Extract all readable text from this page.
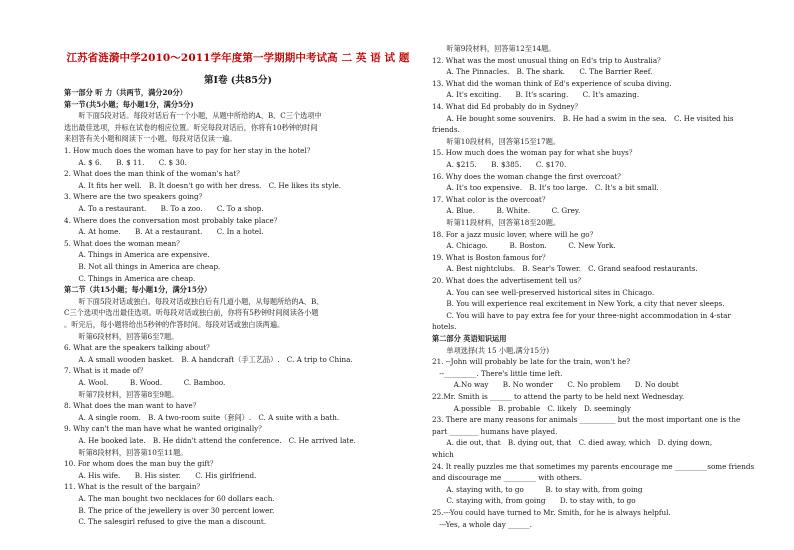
江苏省涟漪中学2010～2011学年度第一学期期中考试高 二 英 语 试 题
第Ⅰ卷 (共85分)
第一部分 听 力（共两节，满分20分）
第一节(共5小题；每小题1分，满分5分)
　　听下面5段对话。每段对话后有一个小题，从题中所给的A、B、C三个选项中
选出最佳选项，并标在试卷的相应位置。听完每段对话后，你将有10秒钟的时间
来回答有关小题和阅读下一小题。每段对话仅读一遍。
1. How much does the woman have to pay for her stay in the hotel？
　　A. $ 6.　　B. $ 11.　　C. $ 30.
2. What does the man think of the woman's hat？
　　A. It fits her well.　B. It doesn't go with her dress.　C. He likes its style.
3. Where are the two speakers going？
　　A. To a restaurant.　　B. To a zoo.　　C. To a shop.
4. Where does the conversation most probably take place？
　　A. At home.　　B. At a restaurant.　　C. In a hotel.
5. What does the woman mean？
　　A. Things in America are expensive.
　　B. Not all things in America are cheap.
　　C. Things in America are cheap.
第二节（共15小题；每小题1分，满分15分）
　　听下面5段对话或独白。每段对话或独白后有几道小题，从每题所给的A、B、
C三个选项中选出最佳选项。听每段对话或独白前，你将有5秒钟时间阅读各小题
。听完后，每小题将给出5秒钟的作答时间。每段对话或独白读两遍。
　　听第6段材料，回答第6至7题。
6. What are the speakers talking about？
　　A. A small wooden basket.　B. A handcraft（手工艺品）.　C. A trip to China.
7. What is it made of？
　　A. Wool.　　　B. Wood.　　　C. Bamboo.
　　听第7段材料，回答第8至9题。
8. What does the man want to have？
　　A. A single room.　B. A two-room suite（套间）.　C. A suite with a bath.
9. Why can't the man have what he wanted originally？
　　A. He booked late.　B. He didn't attend the conference.　C. He arrived late.
　　听第8段材料，回答第10至11题。
10. For whom does the man buy the gift？
　　A. His wife.　　B. His sister.　　C. His girlfriend.
11. What is the result of the bargain？
　　A. The man bought two necklaces for 60 dollars each.
　　B. The price of the jewellery is over 30 percent lower.
　　C. The salesgirl refused to give the man a discount.
　　听第9段材料，回答第12至14题。
12. What was the most unusual thing on Ed's trip to Australia？
　　A. The Pinnacles.　B. The shark.　　C. The Barrier Reef.
13. What did the woman think of Ed's experience of scuba diving.
　　A. It's exciting.　　B. It's scaring.　　C. It's amazing.
14. What did Ed probably do in Sydney？
　　A. He bought some souvenirs.　B. He had a swim in the sea.　C. He visited his
friends.
　　听第10段材料，回答第15至17题。
15. How much does the woman pay for what she buys？
　　A. $215.　　B. $385.　　C. $170.
16. Why does the woman change the first overcoat？
　　A. It's too expensive.　B. It's too large.　C. It's a bit small.
17. What color is the overcoat？
　　A. Blue.　　　B. White.　　　C. Grey.
　　听第11段材料，回答第18至20题。
18. For a jazz music lover, where will he go？
　　A. Chicago.　　　B. Boston.　　　C. New York.
19. What is Boston famous for？
　　A. Best nightclubs.　B. Sear's Tower.　C. Grand seafood restaurants.
20. What does the advertisement tell us？
　　A. You can see well-preserved historical sites in Chicago.
　　B. You will experience real excitement in New York, a city that never sleeps.
　　C. You will have to pay extra fee for your three-night accommodation in 4-star
hotels.
第二部分 英语知识运用
　　单项选择(共 15 小题,满分15分)
21. --John will probably be late for the train, won't he?
　--_________. There's little time left.
　　　A.No way　　B. No wonder　　C. No problem　　D. No doubt
22.Mr. Smith is ______ to attend the party to be held next Wednesday.
　　　A.possible　B. probable　C. likely　D. seemingly
23. There are many reasons for animals __________ but the most important one is the
part ________ humans have played.
　　A. die out, that　B. dying out, that　C. died away, which　D. dying down,
which
24. It really puzzles me that sometimes my parents encourage me _________some friends
and discourage me _________ with others.
　　A. staying with, to go　　　B. to stay with, from going
　　C. staying with, from going　　D. to stay with, to go
25.---You could have turned to Mr. Smith, for he is always helpful.
　---Yes, a whole day ______.
